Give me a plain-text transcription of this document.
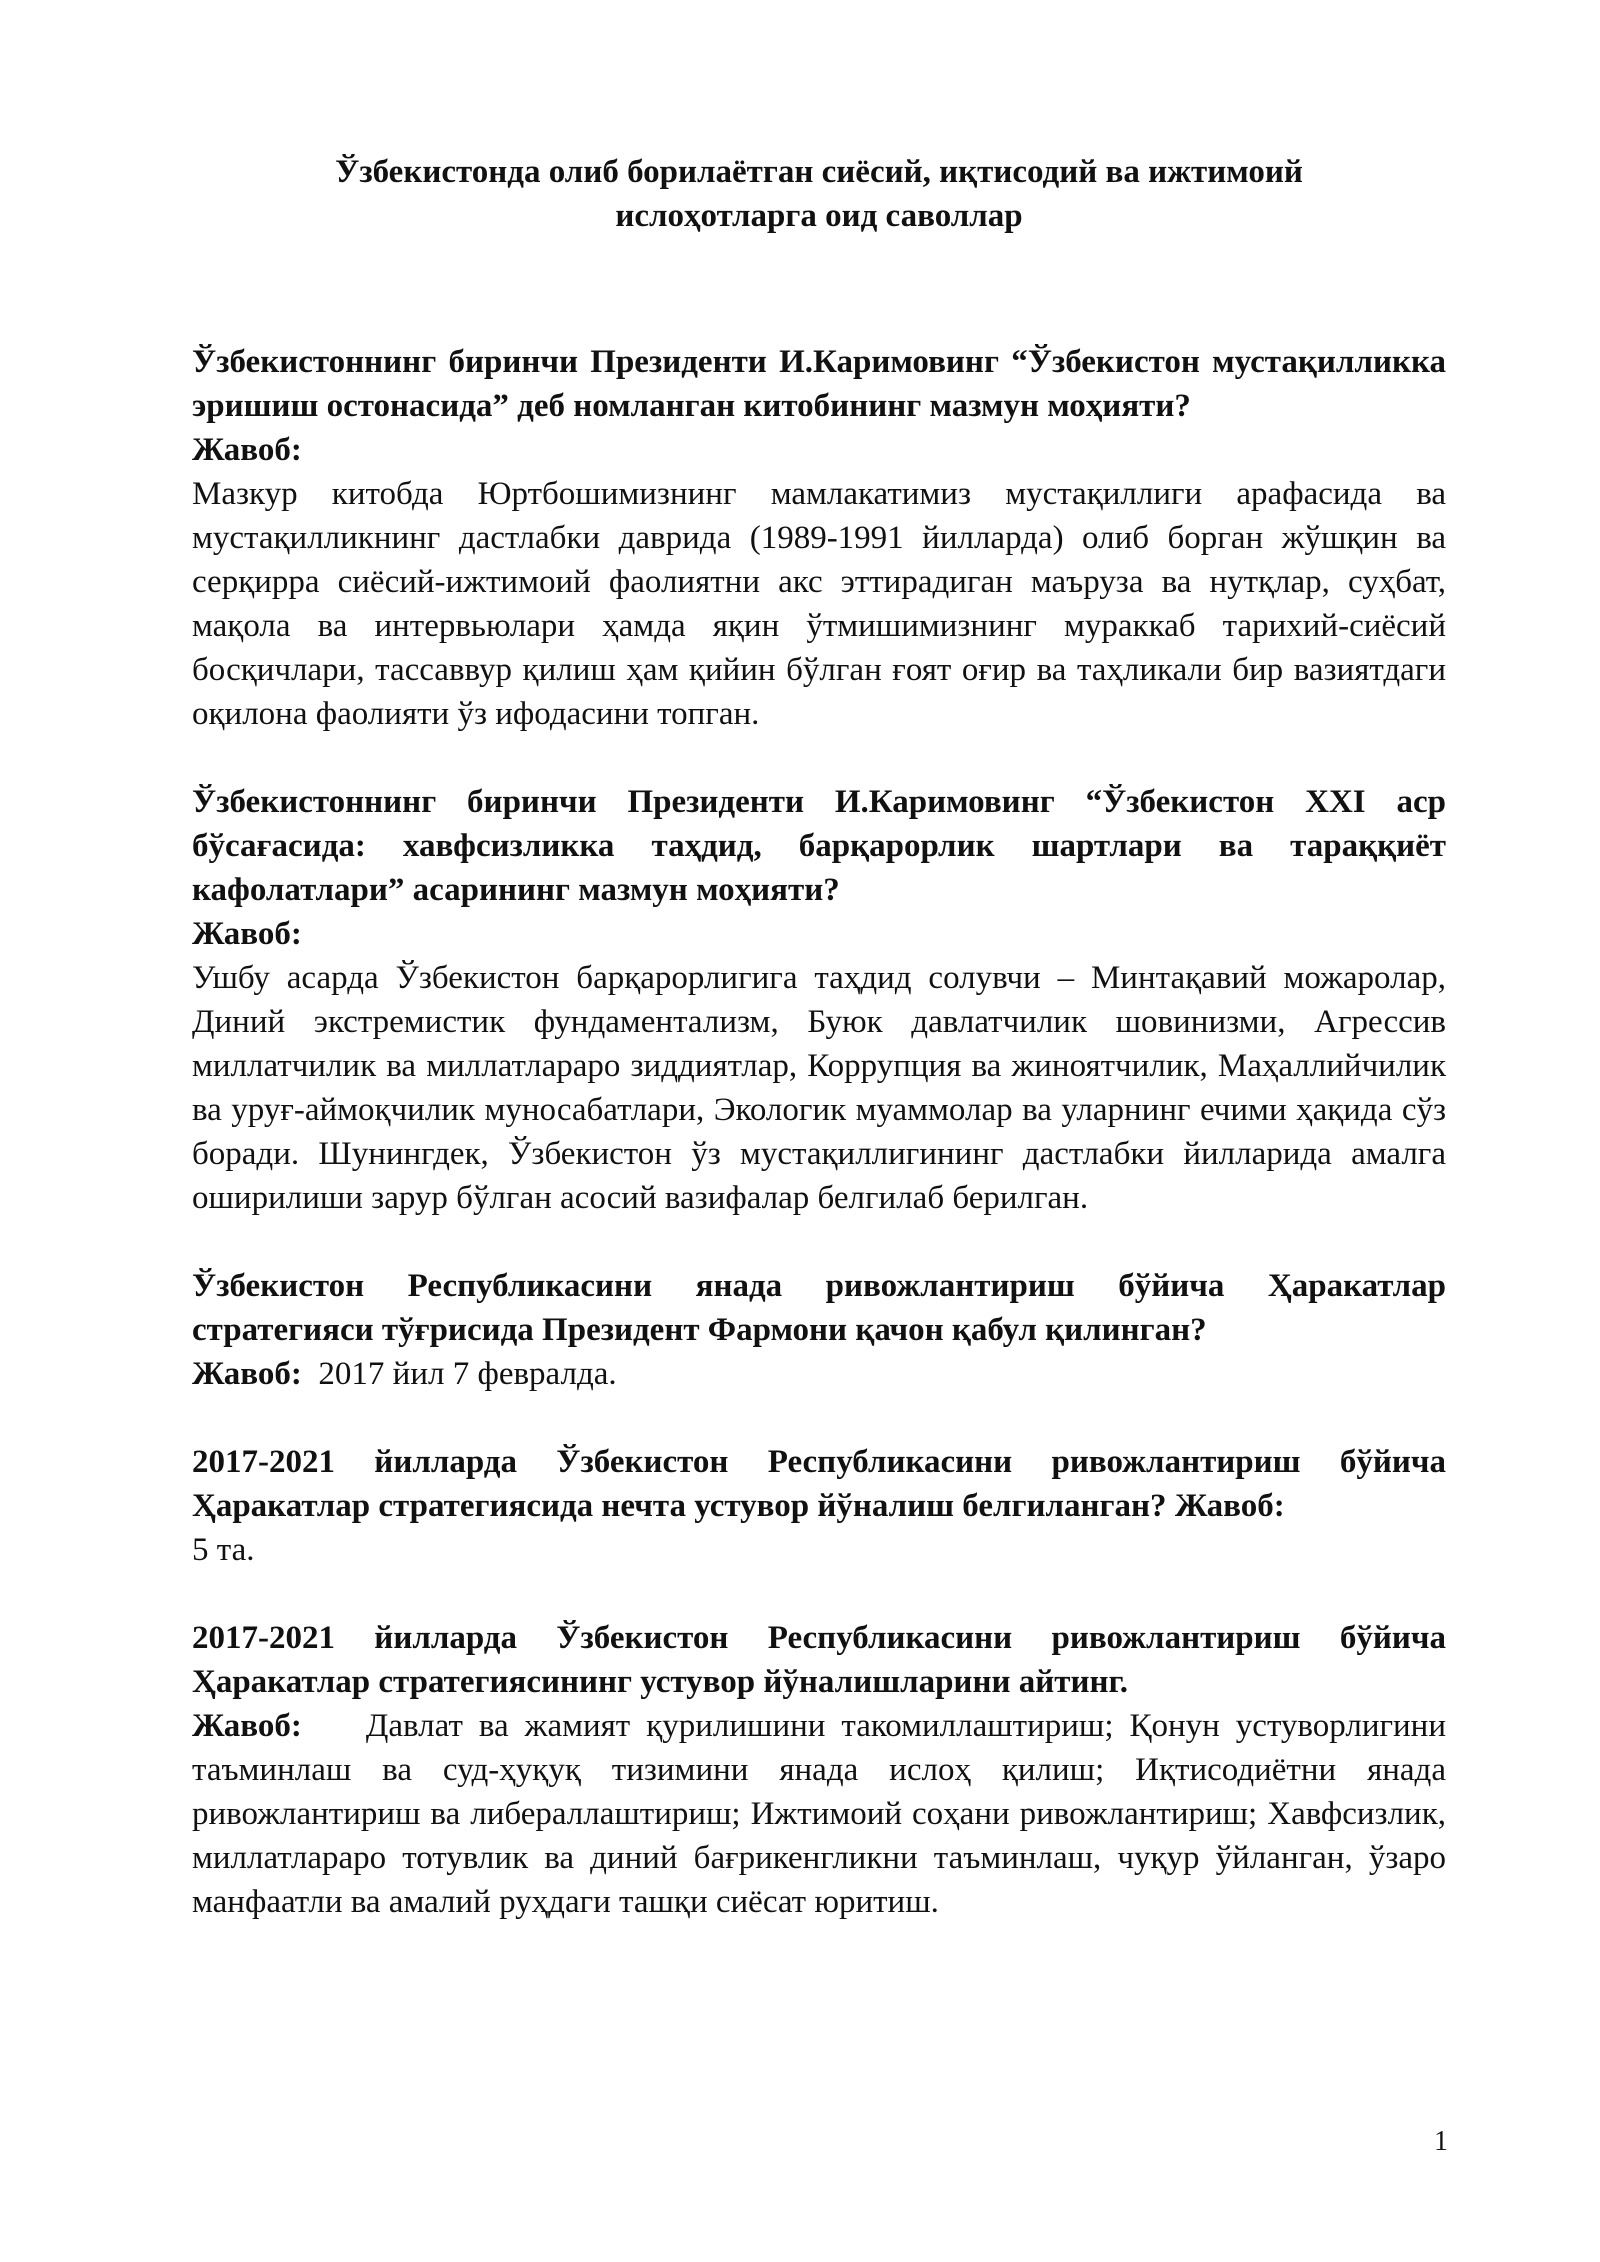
Ўзбекистонда олиб борилаётган сиёсий, иқтисодий ва ижтимоий
ислоҳотларга оид саволлар

Ўзбекистоннинг биринчи Президенти И.Каримовинг “Ўзбекистон мустақилликка эришиш остонасида” деб номланган китобининг мазмун моҳияти?

Жавоб:

Мазкур китобда Юртбошимизнинг мамлакатимиз мустақиллиги арафасида ва мустақилликнинг дастлабки даврида (1989-1991 йилларда) олиб борган жўшқин ва серқирра сиёсий-ижтимоий фаолиятни акс эттирадиган маъруза ва нутқлар, суҳбат, мақола ва интервьюлари ҳамда яқин ўтмишимизнинг мураккаб тарихий-сиёсий босқичлари, тассаввур қилиш ҳам қийин бўлган ғоят оғир ва таҳликали бир вазиятдаги оқилона фаолияти ўз ифодасини топган.

Ўзбекистоннинг биринчи Президенти И.Каримовинг “Ўзбекистон XXI аср бўсағасида: хавфсизликка таҳдид, барқарорлик шартлари ва тараққиёт кафолатлари” асарининг мазмун моҳияти?

Жавоб:

Ушбу асарда Ўзбекистон барқарорлигига таҳдид солувчи – Минтақавий можаролар, Диний экстремистик фундаментализм, Буюк давлатчилик шовинизми, Агрессив миллатчилик ва миллатлараро зиддиятлар, Коррупция ва жиноятчилик, Маҳаллийчилик ва уруғ-аймоқчилик муносабатлари, Экологик муаммолар ва уларнинг ечими ҳақида сўз боради. Шунингдек, Ўзбекистон ўз мустақиллигининг дастлабки йилларида амалга оширилиши зарур бўлган асосий вазифалар белгилаб берилган.

Ўзбекистон Республикасини янада ривожлантириш бўйича Ҳаракатлар стратегияси тўғрисида Президент Фармони қачон қабул қилинган?

Жавоб: 2017 йил 7 февралда.

2017-2021 йилларда Ўзбекистон Республикасини ривожлантириш бўйича Ҳаракатлар стратегиясида нечта устувор йўналиш белгиланган? Жавоб:

5 та.

2017-2021 йилларда Ўзбекистон Республикасини ривожлантириш бўйича Ҳаракатлар стратегиясининг устувор йўналишларини айтинг.

Жавоб: Давлат ва жамият қурилишини такомиллаштириш; Қонун устуворлигини таъминлаш ва суд-ҳуқуқ тизимини янада ислоҳ қилиш; Иқтисодиётни янада ривожлантириш ва либераллаштириш; Ижтимоий соҳани ривожлантириш; Хавфсизлик, миллатлараро тотувлик ва диний бағрикенгликни таъминлаш, чуқур ўйланган, ўзаро манфаатли ва амалий руҳдаги ташқи сиёсат юритиш.

1
